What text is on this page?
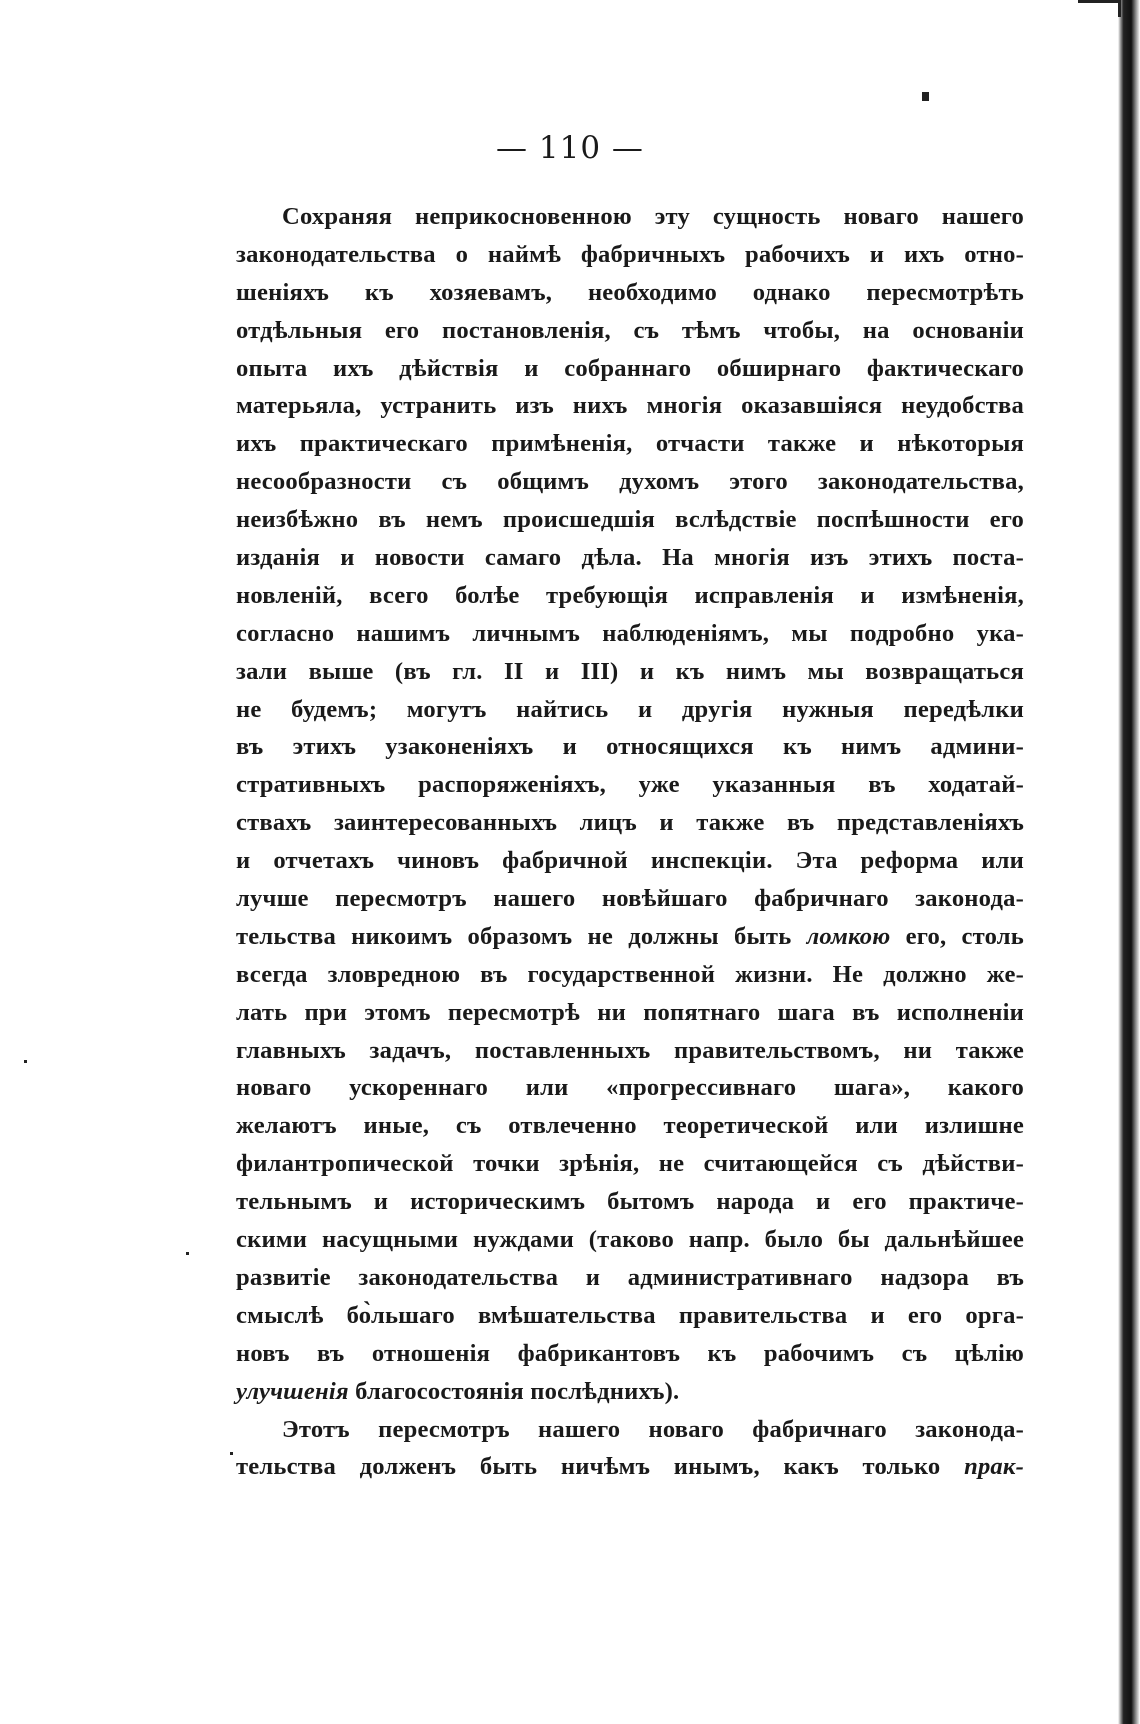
— 110 —
Сохраняя неприкосновенною эту сущность новаго нашего
законодательства о наймѣ фабричныхъ рабочихъ и ихъ отно-
шеніяхъ къ хозяевамъ, необходимо однако пересмотрѣть
отдѣльныя его постановленія, съ тѣмъ чтобы, на основаніи
опыта ихъ дѣйствія и собраннаго обширнаго фактическаго
матерьяла, устранить изъ нихъ многія оказавшіяся неудобства
ихъ практическаго примѣненія, отчасти также и нѣкоторыя
несообразности съ общимъ духомъ этого законодательства,
неизбѣжно въ немъ происшедшія вслѣдствіе поспѣшности его
изданія и новости самаго дѣла. На многія изъ этихъ поста-
новленій, всего болѣе требующія исправленія и измѣненія,
согласно нашимъ личнымъ наблюденіямъ, мы подробно ука-
зали выше (въ гл. II и III) и къ нимъ мы возвращаться
не будемъ; могутъ найтись и другія нужныя передѣлки
въ этихъ узаконеніяхъ и относящихся къ нимъ админи-
стративныхъ распоряженіяхъ, уже указанныя въ ходатай-
ствахъ заинтересованныхъ лицъ и также въ представленіяхъ
и отчетахъ чиновъ фабричной инспекціи. Эта реформа или
лучше пересмотръ нашего новѣйшаго фабричнаго законода-
тельства никоимъ образомъ не должны быть ломкою его, столь
всегда зловредною въ государственной жизни. Не должно же-
лать при этомъ пересмотрѣ ни попятнаго шага въ исполненіи
главныхъ задачъ, поставленныхъ правительствомъ, ни также
новаго ускореннаго или «прогрессивнаго шага», какого
желаютъ иные, съ отвлеченно теоретической или излишне
филантропической точки зрѣнія, не считающейся съ дѣйстви-
тельнымъ и историческимъ бытомъ народа и его практиче-
скими насущными нуждами (таково напр. было бы дальнѣйшее
развитіе законодательства и административнаго надзора въ
смыслѣ бо̀льшаго вмѣшательства правительства и его орга-
новъ въ отношенія фабрикантовъ къ рабочимъ съ цѣлію
улучшенія благосостоянія послѣднихъ).
Этотъ пересмотръ нашего новаго фабричнаго законода-
тельства долженъ быть ничѣмъ инымъ, какъ только прак-
